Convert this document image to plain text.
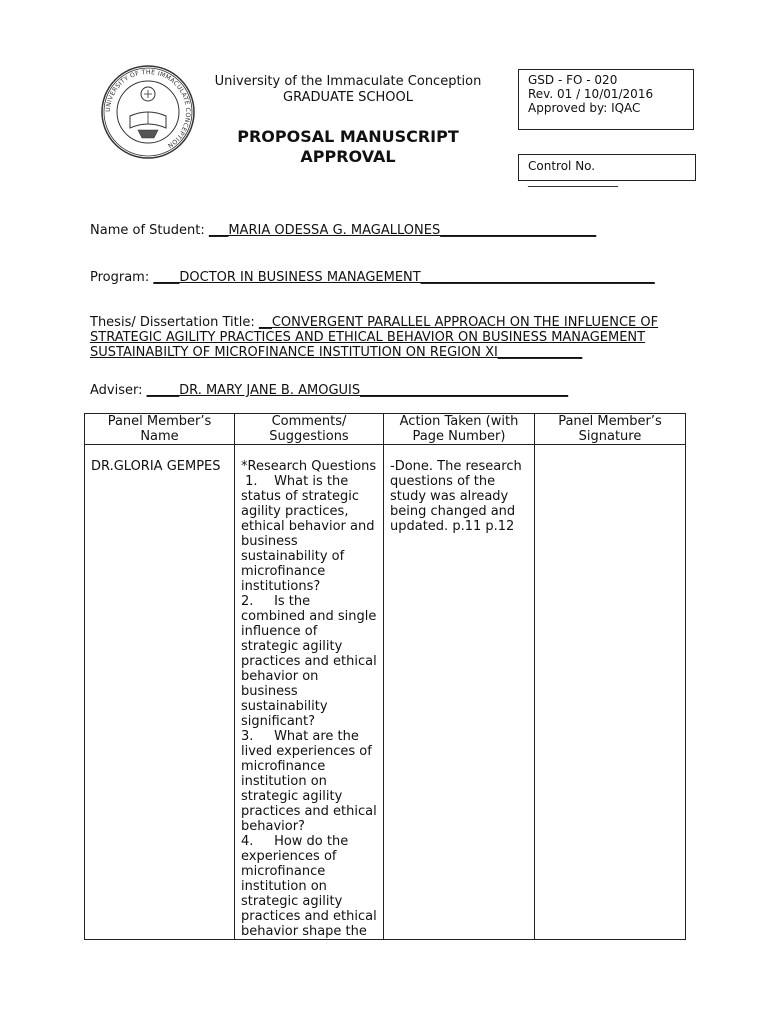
UNIVERSITY OF THE IMMACULATE CONCEPTION
University of the Immaculate Conception
GRADUATE SCHOOL
PROPOSAL MANUSCRIPT
APPROVAL
GSD - FO - 020
Rev. 01 / 10/01/2016
Approved by: IQAC
Control No. _______________
Name of Student: ___MARIA ODESSA G. MAGALLONES________________________
Program: ____DOCTOR IN BUSINESS MANAGEMENT____________________________________
Thesis/ Dissertation Title: __CONVERGENT PARALLEL APPROACH ON THE INFLUENCE OF
STRATEGIC AGILITY PRACTICES AND ETHICAL BEHAVIOR ON BUSINESS MANAGEMENT
SUSTAINABILTY OF MICROFINANCE INSTITUTION ON REGION XI_____________
Adviser: _____DR. MARY JANE B. AMOGUIS________________________________
Panel Member’s Name	Comments/ Suggestions	Action Taken (with Page Number)	Panel Member’s Signature
DR.GLORIA GEMPES	*Research Questions
1.	What is the status of strategic agility practices, ethical behavior and business sustainability of microfinance institutions?
2.	Is the combined and single influence of strategic agility practices and ethical behavior on business sustainability significant?
3.	What are the lived experiences of microfinance institution on strategic agility practices and ethical behavior?
4.	How do the experiences of microfinance institution on strategic agility practices and ethical behavior shape the	-Done. The research questions of the study was already being changed and updated. p.11 p.12	
